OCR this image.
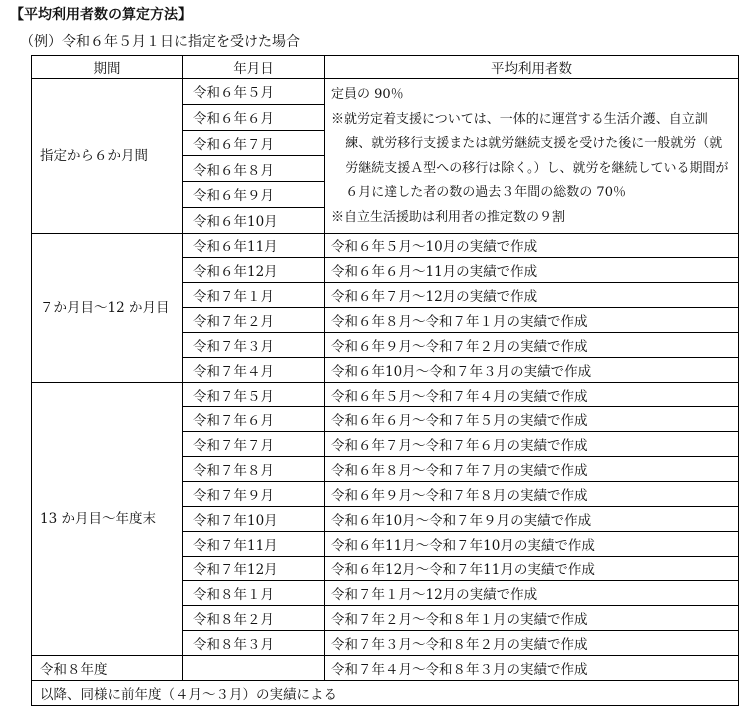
【平均利用者数の算定方法】
（例）令和６年５月１日に指定を受けた場合
期間	年月日	平均利用者数
指定から６か月間	令和６年５月	定員の 90％
※就労定着支援については、一体的に運営する生活介護、自立訓練、就労移行支援または就労継続支援を受けた後に一般就労（就労継続支援Ａ型への移行は除く。）し、就労を継続している期間が６月に達した者の数の過去３年間の総数の 70％
※自立生活援助は利用者の推定数の９割

	令和６年６月	
	令和６年７月	
	令和６年８月	
	令和６年９月	
	令和６年10月	
７か月目～12 か月目	令和６年11月	令和６年５月～10月の実績で作成
	令和６年12月	令和６年６月～11月の実績で作成
	令和７年１月	令和６年７月～12月の実績で作成
	令和７年２月	令和６年８月～令和７年１月の実績で作成
	令和７年３月	令和６年９月～令和７年２月の実績で作成
	令和７年４月	令和６年10月～令和７年３月の実績で作成
13 か月目～年度末	令和７年５月	令和６年５月～令和７年４月の実績で作成
	令和７年６月	令和６年６月～令和７年５月の実績で作成
	令和７年７月	令和６年７月～令和７年６月の実績で作成
	令和７年８月	令和６年８月～令和７年７月の実績で作成
	令和７年９月	令和６年９月～令和７年８月の実績で作成
	令和７年10月	令和６年10月～令和７年９月の実績で作成
	令和７年11月	令和６年11月～令和７年10月の実績で作成
	令和７年12月	令和６年12月～令和７年11月の実績で作成
	令和８年１月	令和７年１月～12月の実績で作成
	令和８年２月	令和７年２月～令和８年１月の実績で作成
	令和８年３月	令和７年３月～令和８年２月の実績で作成
令和８年度		令和７年４月～令和８年３月の実績で作成
以降、同様に前年度（４月～３月）の実績による		
